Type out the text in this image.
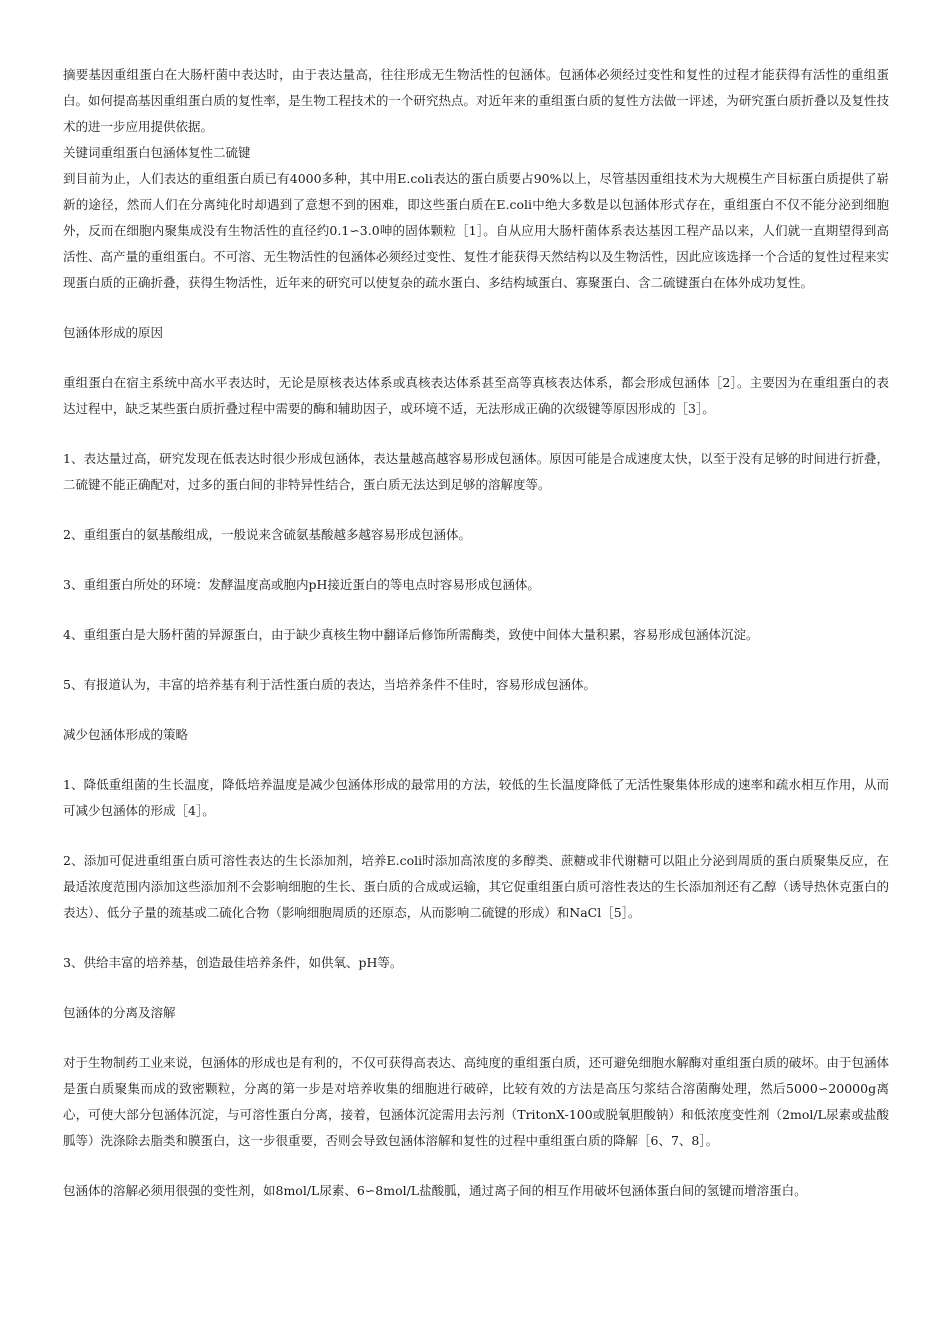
摘要基因重组蛋白在大肠杆菌中表达时，由于表达量高，往往形成无生物活性的包涵体。包涵体必须经过变性和复性的过程才能获得有活性的重组蛋白。如何提高基因重组蛋白质的复性率，是生物工程技术的一个研究热点。对近年来的重组蛋白质的复性方法做一评述，为研究蛋白质折叠以及复性技术的进一步应用提供依据。

关键词重组蛋白包涵体复性二硫键

到目前为止，人们表达的重组蛋白质已有4000多种，其中用E.coli表达的蛋白质要占90%以上，尽管基因重组技术为大规模生产目标蛋白质提供了崭新的途径，然而人们在分离纯化时却遇到了意想不到的困难，即这些蛋白质在E.coli中绝大多数是以包涵体形式存在，重组蛋白不仅不能分泌到细胞外，反而在细胞内聚集成没有生物活性的直径约0.1∽3.0呻的固体颗粒［1］。自从应用大肠杆菌体系表达基因工程产品以来，人们就一直期望得到高活性、高产量的重组蛋白。不可溶、无生物活性的包涵体必须经过变性、复性才能获得天然结构以及生物活性，因此应该选择一个合适的复性过程来实现蛋白质的正确折叠，获得生物活性，近年来的研究可以使复杂的疏水蛋白、多结构域蛋白、寡聚蛋白、含二硫键蛋白在体外成功复性。

包涵体形成的原因

重组蛋白在宿主系统中高水平表达时，无论是原核表达体系或真核表达体系甚至高等真核表达体系，都会形成包涵体［2］。主要因为在重组蛋白的表达过程中，缺乏某些蛋白质折叠过程中需要的酶和辅助因子，或环境不适，无法形成正确的次级键等原因形成的［3］。

1、表达量过高，研究发现在低表达时很少形成包涵体，表达量越高越容易形成包涵体。原因可能是合成速度太快，以至于没有足够的时间进行折叠，二硫键不能正确配对，过多的蛋白间的非特异性结合，蛋白质无法达到足够的溶解度等。

2、重组蛋白的氨基酸组成，一般说来含硫氨基酸越多越容易形成包涵体。

3、重组蛋白所处的环境：发酵温度高或胞内pH接近蛋白的等电点时容易形成包涵体。

4、重组蛋白是大肠杆菌的异源蛋白，由于缺少真核生物中翻译后修饰所需酶类，致使中间体大量积累，容易形成包涵体沉淀。

5、有报道认为，丰富的培养基有利于活性蛋白质的表达，当培养条件不佳时，容易形成包涵体。

减少包涵体形成的策略

1、降低重组菌的生长温度，降低培养温度是减少包涵体形成的最常用的方法，较低的生长温度降低了无活性聚集体形成的速率和疏水相互作用，从而可减少包涵体的形成［4］。

2、添加可促进重组蛋白质可溶性表达的生长添加剂，培养E.coli时添加高浓度的多醇类、蔗糖或非代谢糖可以阻止分泌到周质的蛋白质聚集反应，在最适浓度范围内添加这些添加剂不会影响细胞的生长、蛋白质的合成或运输，其它促重组蛋白质可溶性表达的生长添加剂还有乙醇（诱导热休克蛋白的表达）、低分子量的巯基或二硫化合物（影响细胞周质的还原态，从而影响二硫键的形成）和NaCl［5］。

3、供给丰富的培养基，创造最佳培养条件，如供氧、pH等。

包涵体的分离及溶解

对于生物制药工业来说，包涵体的形成也是有利的，不仅可获得高表达、高纯度的重组蛋白质，还可避免细胞水解酶对重组蛋白质的破坏。由于包涵体是蛋白质聚集而成的致密颗粒，分离的第一步是对培养收集的细胞进行破碎，比较有效的方法是高压匀浆结合溶菌酶处理，然后5000∽20000g离心，可使大部分包涵体沉淀，与可溶性蛋白分离，接着，包涵体沉淀需用去污剂（TritonX-100或脱氧胆酸钠）和低浓度变性剂（2mol/L尿素或盐酸胍等）洗涤除去脂类和膜蛋白，这一步很重要，否则会导致包涵体溶解和复性的过程中重组蛋白质的降解［6、7、8］。

包涵体的溶解必须用很强的变性剂，如8mol/L尿素、6∽8mol/L盐酸胍，通过离子间的相互作用破坏包涵体蛋白间的氢键而增溶蛋白。
